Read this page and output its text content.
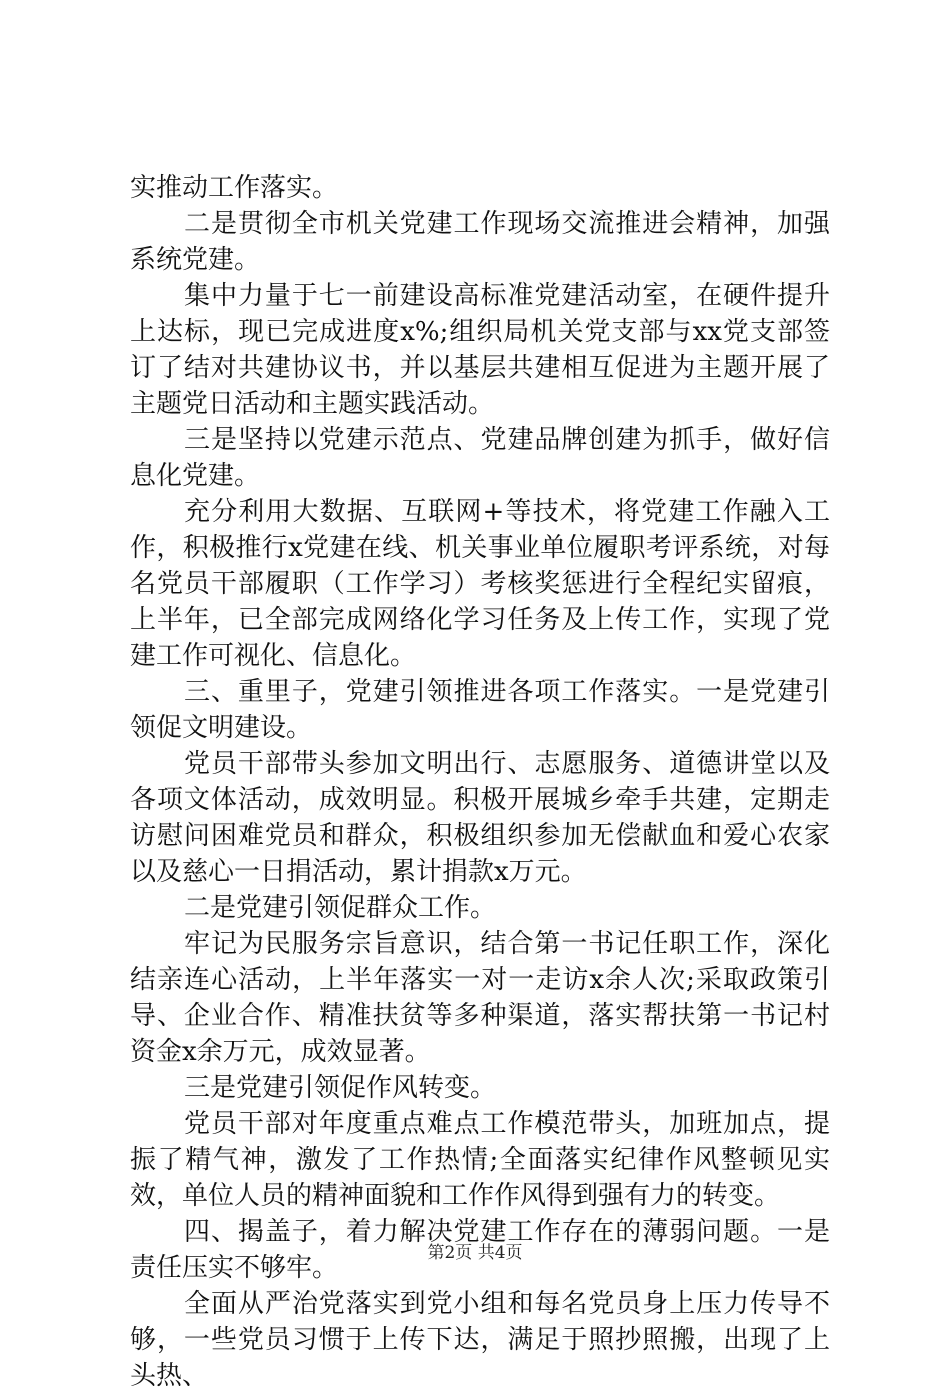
实推动工作落实。

二是贯彻全市机关党建工作现场交流推进会精神，加强系统党建。

集中力量于七一前建设高标准党建活动室，在硬件提升上达标，现已完成进度x%;组织局机关党支部与xx党支部签订了结对共建协议书，并以基层共建相互促进为主题开展了主题党日活动和主题实践活动。

三是坚持以党建示范点、党建品牌创建为抓手，做好信息化党建。

充分利用大数据、互联网+等技术，将党建工作融入工作，积极推行x党建在线、机关事业单位履职考评系统，对每名党员干部履职（工作学习）考核奖惩进行全程纪实留痕，上半年，已全部完成网络化学习任务及上传工作，实现了党建工作可视化、信息化。

三、重里子，党建引领推进各项工作落实。一是党建引领促文明建设。

党员干部带头参加文明出行、志愿服务、道德讲堂以及各项文体活动，成效明显。积极开展城乡牵手共建，定期走访慰问困难党员和群众，积极组织参加无偿献血和爱心农家以及慈心一日捐活动，累计捐款x万元。

二是党建引领促群众工作。

牢记为民服务宗旨意识，结合第一书记任职工作，深化结亲连心活动，上半年落实一对一走访x余人次;采取政策引导、企业合作、精准扶贫等多种渠道，落实帮扶第一书记村资金x余万元，成效显著。

三是党建引领促作风转变。

党员干部对年度重点难点工作模范带头，加班加点，提振了精气神，激发了工作热情;全面落实纪律作风整顿见实效，单位人员的精神面貌和工作作风得到强有力的转变。

四、揭盖子，着力解决党建工作存在的薄弱问题。一是责任压实不够牢。

全面从严治党落实到党小组和每名党员身上压力传导不够，一些党员习惯于上传下达，满足于照抄照搬，出现了上头热、

第2页 共4页
